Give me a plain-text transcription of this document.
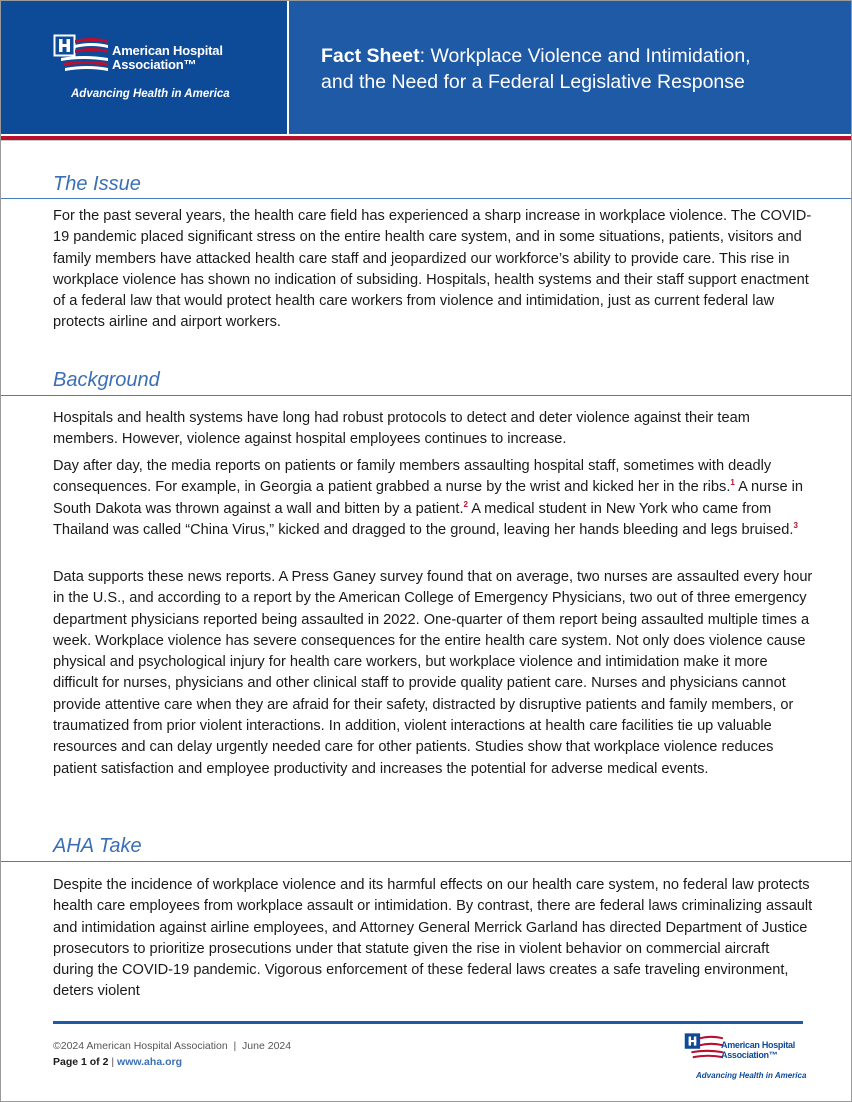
American Hospital
Association™
Advancing Health in America
Fact Sheet: Workplace Violence and Intimidation,
and the Need for a Federal Legislative Response
The Issue

For the past several years, the health care field has experienced a sharp increase in workplace violence. The COVID-19 pandemic placed significant stress on the entire health care system, and in some situations, patients, visitors and family members have attacked health care staff and jeopardized our workforce’s ability to provide care. This rise in workplace violence has shown no indication of subsiding. Hospitals, health systems and their staff support enactment of a federal law that would protect health care workers from violence and intimidation, just as current federal law protects airline and airport workers.

Background

Hospitals and health systems have long had robust protocols to detect and deter violence against their team members. However, violence against hospital employees continues to increase.

Day after day, the media reports on patients or family members assaulting hospital staff, sometimes with deadly consequences. For example, in Georgia a patient grabbed a nurse by the wrist and kicked her in the ribs.$^1$ A nurse in South Dakota was thrown against a wall and bitten by a patient.$^2$ A medical student in New York who came from Thailand was called “China Virus,” kicked and dragged to the ground, leaving her hands bleeding and legs bruised.$^3$

Data supports these news reports. A Press Ganey survey found that on average, two nurses are assaulted every hour in the U.S., and according to a report by the American College of Emergency Physicians, two out of three emergency department physicians reported being assaulted in 2022. One-quarter of them report being assaulted multiple times a week. Workplace violence has severe consequences for the entire health care system. Not only does violence cause physical and psychological injury for health care workers, but workplace violence and intimidation make it more difficult for nurses, physicians and other clinical staff to provide quality patient care. Nurses and physicians cannot provide attentive care when they are afraid for their safety, distracted by disruptive patients and family members, or traumatized from prior violent interactions. In addition, violent interactions at health care facilities tie up valuable resources and can delay urgently needed care for other patients. Studies show that workplace violence reduces patient satisfaction and employee productivity and increases the potential for adverse medical events.

AHA Take

Despite the incidence of workplace violence and its harmful effects on our health care system, no federal law protects health care employees from workplace assault or intimidation. By contrast, there are federal laws criminalizing assault and intimidation against airline employees, and Attorney General Merrick Garland has directed Department of Justice prosecutors to prioritize prosecutions under that statute given the rise in violent behavior on commercial aircraft during the COVID-19 pandemic. Vigorous enforcement of these federal laws creates a safe traveling environment, deters violent

©2024 American Hospital Association  |  June 2024
Page 1 of 2 | www.aha.org
American Hospital
Association™
Advancing Health in America
